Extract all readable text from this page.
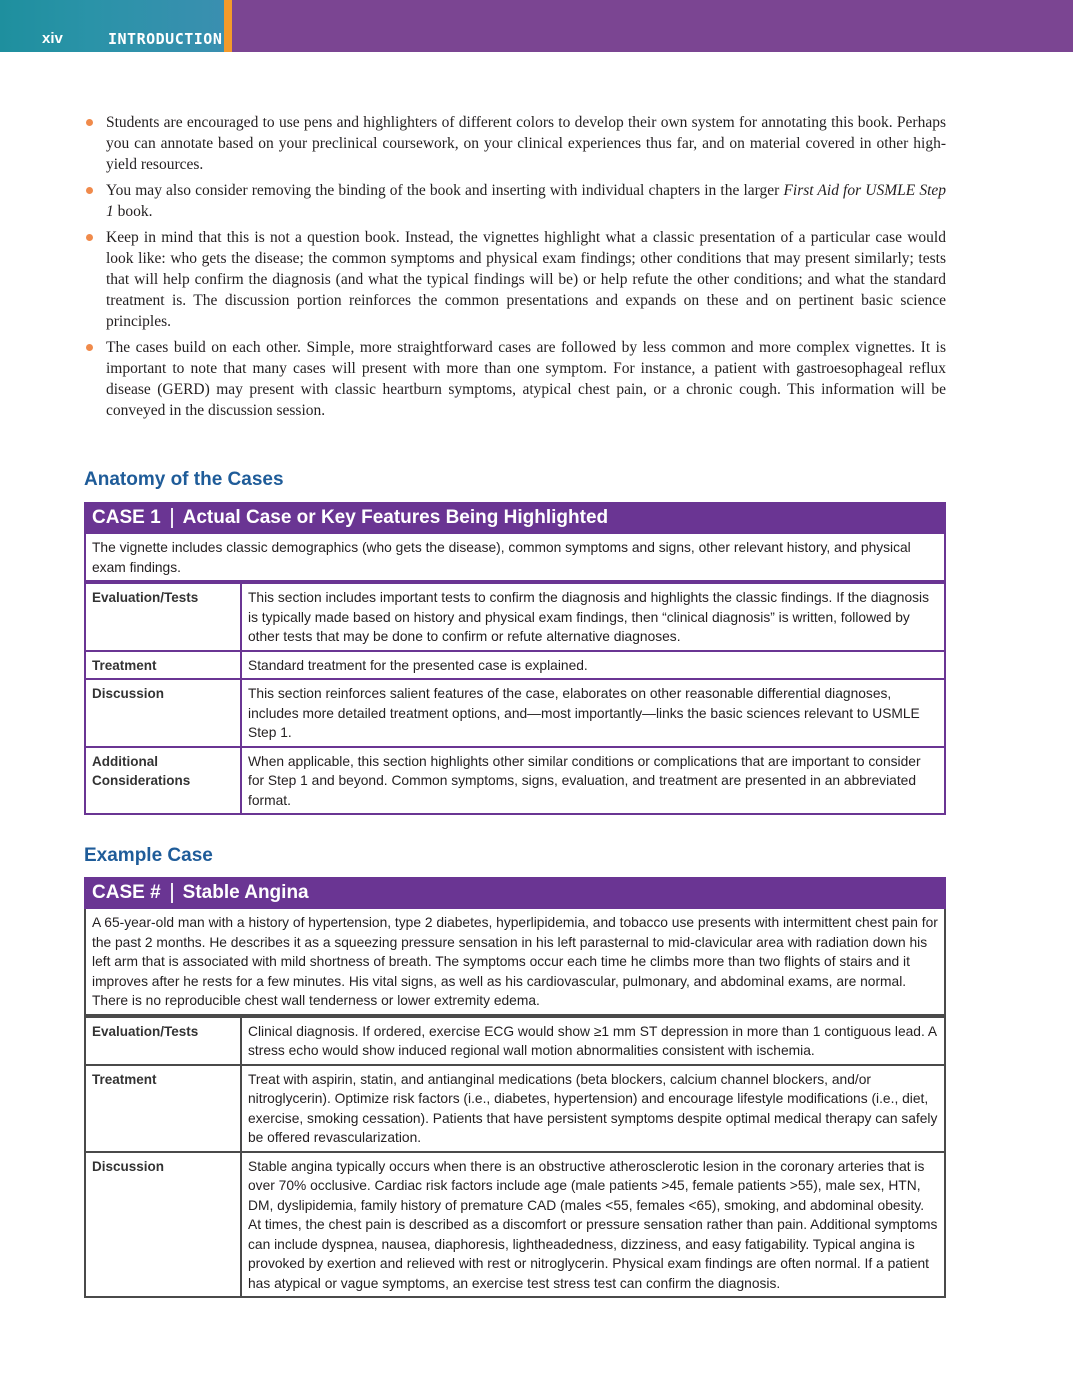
xiv	INTRODUCTION
Students are encouraged to use pens and highlighters of different colors to develop their own system for annotating this book. Perhaps you can annotate based on your preclinical coursework, on your clinical experiences thus far, and on material covered in other high-yield resources.
You may also consider removing the binding of the book and inserting with individual chapters in the larger First Aid for USMLE Step 1 book.
Keep in mind that this is not a question book. Instead, the vignettes highlight what a classic presentation of a particular case would look like: who gets the disease; the common symptoms and physical exam findings; other conditions that may present similarly; tests that will help confirm the diagnosis (and what the typical findings will be) or help refute the other conditions; and what the standard treatment is. The discussion portion reinforces the common presentations and expands on these and on pertinent basic science principles.
The cases build on each other. Simple, more straightforward cases are followed by less common and more complex vignettes. It is important to note that many cases will present with more than one symptom. For instance, a patient with gastroesophageal reflux disease (GERD) may present with classic heartburn symptoms, atypical chest pain, or a chronic cough. This information will be conveyed in the discussion session.
Anatomy of the Cases
CASE 1 Actual Case or Key Features Being Highlighted
The vignette includes classic demographics (who gets the disease), common symptoms and signs, other relevant history, and physical exam findings.
Evaluation/Tests	This section includes important tests to confirm the diagnosis and highlights the classic findings. If the diagnosis is typically made based on history and physical exam findings, then “clinical diagnosis” is written, followed by other tests that may be done to confirm or refute alternative diagnoses.
Treatment	Standard treatment for the presented case is explained.
Discussion	This section reinforces salient features of the case, elaborates on other reasonable differential diagnoses, includes more detailed treatment options, and—most importantly—links the basic sciences relevant to USMLE Step 1.
Additional Considerations	When applicable, this section highlights other similar conditions or complications that are important to consider for Step 1 and beyond. Common symptoms, signs, evaluation, and treatment are presented in an abbreviated format.
Example Case
CASE # Stable Angina
A 65-year-old man with a history of hypertension, type 2 diabetes, hyperlipidemia, and tobacco use presents with intermittent chest pain for the past 2 months. He describes it as a squeezing pressure sensation in his left parasternal to mid-clavicular area with radiation down his left arm that is associated with mild shortness of breath. The symptoms occur each time he climbs more than two flights of stairs and it improves after he rests for a few minutes. His vital signs, as well as his cardiovascular, pulmonary, and abdominal exams, are normal. There is no reproducible chest wall tenderness or lower extremity edema.
Evaluation/Tests	Clinical diagnosis. If ordered, exercise ECG would show ≥1 mm ST depression in more than 1 contiguous lead. A stress echo would show induced regional wall motion abnormalities consistent with ischemia.
Treatment	Treat with aspirin, statin, and antianginal medications (beta blockers, calcium channel blockers, and/or nitroglycerin). Optimize risk factors (i.e., diabetes, hypertension) and encourage lifestyle modifications (i.e., diet, exercise, smoking cessation). Patients that have persistent symptoms despite optimal medical therapy can safely be offered revascularization.
Discussion	Stable angina typically occurs when there is an obstructive atherosclerotic lesion in the coronary arteries that is over 70% occlusive. Cardiac risk factors include age (male patients >45, female patients >55), male sex, HTN, DM, dyslipidemia, family history of premature CAD (males <55, females <65), smoking, and abdominal obesity. At times, the chest pain is described as a discomfort or pressure sensation rather than pain. Additional symptoms can include dyspnea, nausea, diaphoresis, lightheadedness, dizziness, and easy fatigability. Typical angina is provoked by exertion and relieved with rest or nitroglycerin. Physical exam findings are often normal. If a patient has atypical or vague symptoms, an exercise test stress test can confirm the diagnosis.
